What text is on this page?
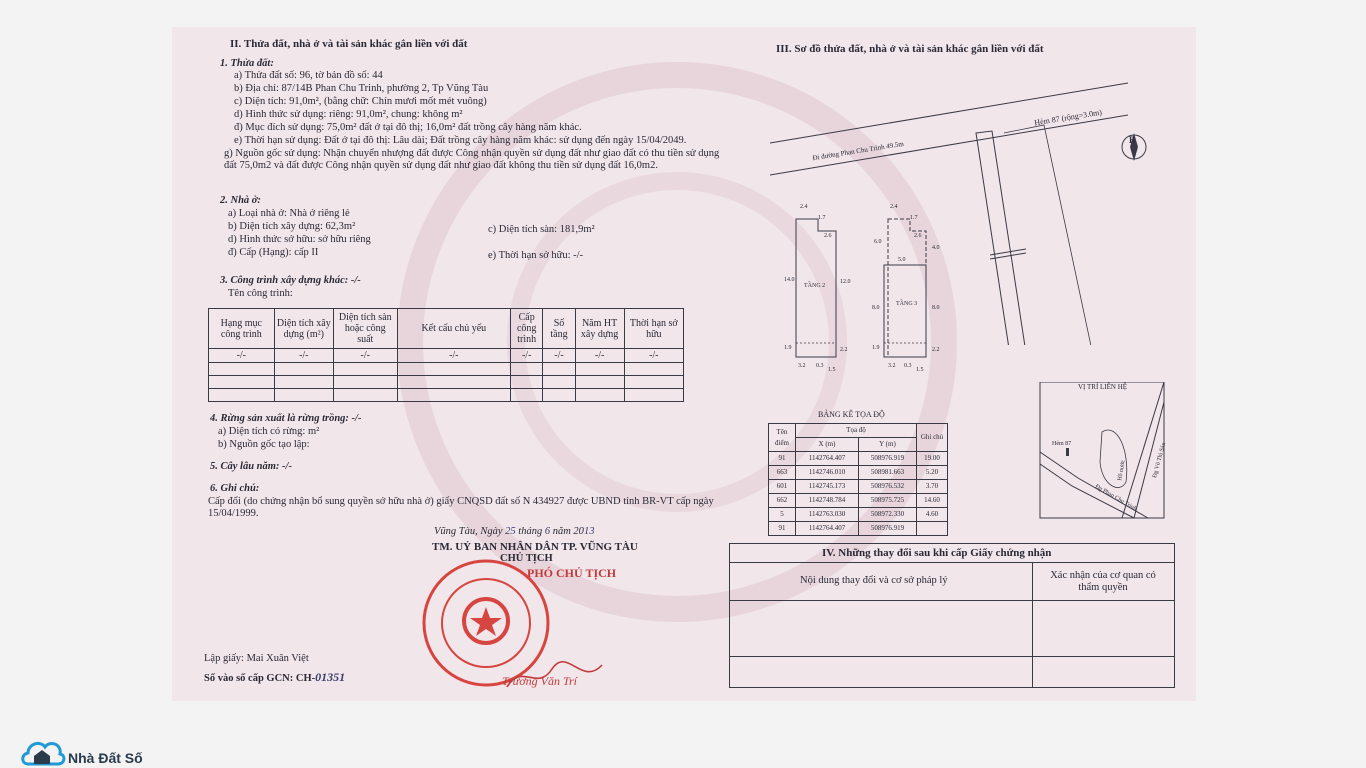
II. Thửa đất, nhà ở và tài sản khác gắn liền với đất
1. Thửa đất:
a) Thửa đất số: 96, tờ bản đồ số: 44
b) Địa chỉ: 87/14B Phan Chu Trinh, phường 2, Tp Vũng Tàu
c) Diện tích: 91,0m², (bằng chữ: Chín mươi mốt mét vuông)
d) Hình thức sử dụng: riêng: 91,0m², chung: không m²
đ) Mục đích sử dụng: 75,0m² đất ở tại đô thị; 16,0m² đất trồng cây hàng năm khác.
e) Thời hạn sử dụng: Đất ở tại đô thị: Lâu dài; Đất trồng cây hàng năm khác: sử dụng đến ngày 15/04/2049.
g) Nguồn gốc sử dụng: Nhận chuyển nhượng đất được Công nhận quyền sử dụng đất như giao đất có thu tiền sử dụng đất 75,0m2 và đất được Công nhận quyền sử dụng đất như giao đất không thu tiền sử dụng đất 16,0m2.
2. Nhà ở:
a) Loại nhà ở: Nhà ở riêng lẻ
b) Diện tích xây dựng: 62,3m²	c) Diện tích sàn: 181,9m²
d) Hình thức sở hữu: sở hữu riêng
đ) Cấp (Hạng): cấp II	e) Thời hạn sở hữu: -/-
3. Công trình xây dựng khác: -/-
Tên công trình:
Hạng mục công trình	Diện tích xây dựng (m²)	Diện tích sàn hoặc công suất	Kết cấu chủ yếu	Cấp công trình	Số tầng	Năm HT xây dựng	Thời hạn sở hữu
-/-	-/-	-/-	-/-	-/-	-/-	-/-	-/-

4. Rừng sản xuất là rừng trồng: -/-
a) Diện tích có rừng: m²
b) Nguồn gốc tạo lập:
5. Cây lâu năm: -/-
6. Ghi chú:
Cấp đổi (do chứng nhận bổ sung quyền sở hữu nhà ở) giấy CNQSD đất số N 434927 được UBND tỉnh BR-VT cấp ngày 15/04/1999.
Vũng Tàu, Ngày 25 tháng 6 năm 2013
TM. UỶ BAN NHÂN DÂN TP. VŨNG TÀU
CHỦ TỊCH
PHÓ CHỦ TỊCH
Trương Văn Trí
Lập giấy: Mai Xuân Việt
Số vào số cấp GCN: CH-01351
III. Sơ đồ thửa đất, nhà ở và tài sản khác gắn liền với đất
Hẻm 87 (rộng=3.0m)
Đi đường Phan Chu Trình 49.5m	B
TẦNG 2
TẦNG 3
2.4
1.7
2.6
14.0	12.0
1.9	2.2
3.2 0.3
1.5
2.4
1.7
2.6
6.0
4.0
5.0
8.0	8.0
1.9	2.2
3.2 0.3
1.5
BẢNG KÊ TỌA ĐỘ
Tên điểm	Tọa độ		Ghi chú
	X (m)	Y (m)	
91	1142764.407	508976.919	19.00
663	1142746.010	508981.663	5.20
601	1142745.173	508976.532	3.70
662	1142748.784	508975.725	14.60
5	1142763.030	508972.330	4.60
91	1142764.407	508976.919	
VỊ TRÍ LIÊN HỆ
Hẻm 87
Hồ nước
Đg Phan Chu Trinh
Đg Võ Thị Sáu
IV. Những thay đổi sau khi cấp Giấy chứng nhận
Nội dung thay đổi và cơ sở pháp lý	Xác nhận của cơ quan có thẩm quyền
Nhà Đất Số
